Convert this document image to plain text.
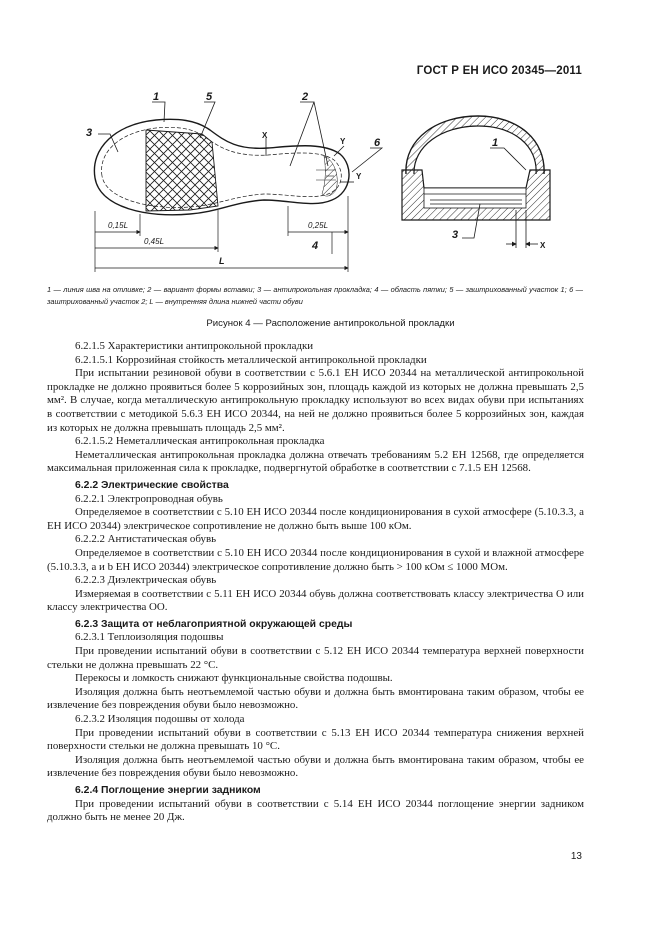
ГОСТ Р ЕН ИСО 20345—2011
1	5
3
2
6
X
Y
Y
0,15L
0,45L
0,25L
4
L
1
3
X
1 — линия шва на отливке; 2 — вариант формы вставки; 3 — антипрокольная прокладка; 4 — область пятки; 5 — заштрихованный участок 1; 6 — заштрихованный участок 2; L — внутренняя длина нижней части обуви
Рисунок 4 — Расположение антипрокольной прокладки

6.2.1.5 Характеристики антипрокольной прокладки

6.2.1.5.1 Коррозийная стойкость металлической антипрокольной прокладки

При испытании резиновой обуви в соответствии с 5.6.1 ЕН ИСО 20344 на металлической антипрокольной прокладке не должно проявиться более 5 коррозийных зон, площадь каждой из которых не должна превышать 2,5 мм². В случае, когда металлическую антипрокольную прокладку используют во всех видах обуви при испытаниях в соответствии с методикой 5.6.3 ЕН ИСО 20344, на ней не должно проявиться более 5 коррозийных зон, каждая из которых не должна превышать площадь 2,5 мм².

6.2.1.5.2 Неметаллическая антипрокольная прокладка

Неметаллическая антипрокольная прокладка должна отвечать требованиям 5.2 ЕН 12568, где определяется максимальная приложенная сила к прокладке, подвергнутой обработке в соответствии с 7.1.5 ЕН 12568.

6.2.2 Электрические свойства

6.2.2.1 Электропроводная обувь

Определяемое в соответствии с 5.10 ЕН ИСО 20344 после кондиционирования в сухой атмосфере (5.10.3.3, а ЕН ИСО 20344) электрическое сопротивление не должно быть выше 100 кОм.

6.2.2.2 Антистатическая обувь

Определяемое в соответствии с 5.10 ЕН ИСО 20344 после кондиционирования в сухой и влажной атмосфере (5.10.3.3, a и b ЕН ИСО 20344) электрическое сопротивление должно быть > 100 кОм ≤ 1000 МОм.

6.2.2.3 Диэлектрическая обувь

Измеряемая в соответствии с 5.11 ЕН ИСО 20344 обувь должна соответствовать классу электричества О или классу электричества ОО.

6.2.3 Защита от неблагоприятной окружающей среды

6.2.3.1 Теплоизоляция подошвы

При проведении испытаний обуви в соответствии с 5.12 ЕН ИСО 20344 температура верхней поверхности стельки не должна превышать 22 °С.

Перекосы и ломкость снижают функциональные свойства подошвы.

Изоляция должна быть неотъемлемой частью обуви и должна быть вмонтирована таким образом, чтобы ее извлечение без повреждения обуви было невозможно.

6.2.3.2 Изоляция подошвы от холода

При проведении испытаний обуви в соответствии с 5.13 ЕН ИСО 20344 температура снижения верхней поверхности стельки не должна превышать 10 °С.

Изоляция должна быть неотъемлемой частью обуви и должна быть вмонтирована таким образом, чтобы ее извлечение без повреждения обуви было невозможно.

6.2.4 Поглощение энергии задником

При проведении испытаний обуви в соответствии с 5.14 ЕН ИСО 20344 поглощение энергии задником должно быть не менее 20 Дж.

13
